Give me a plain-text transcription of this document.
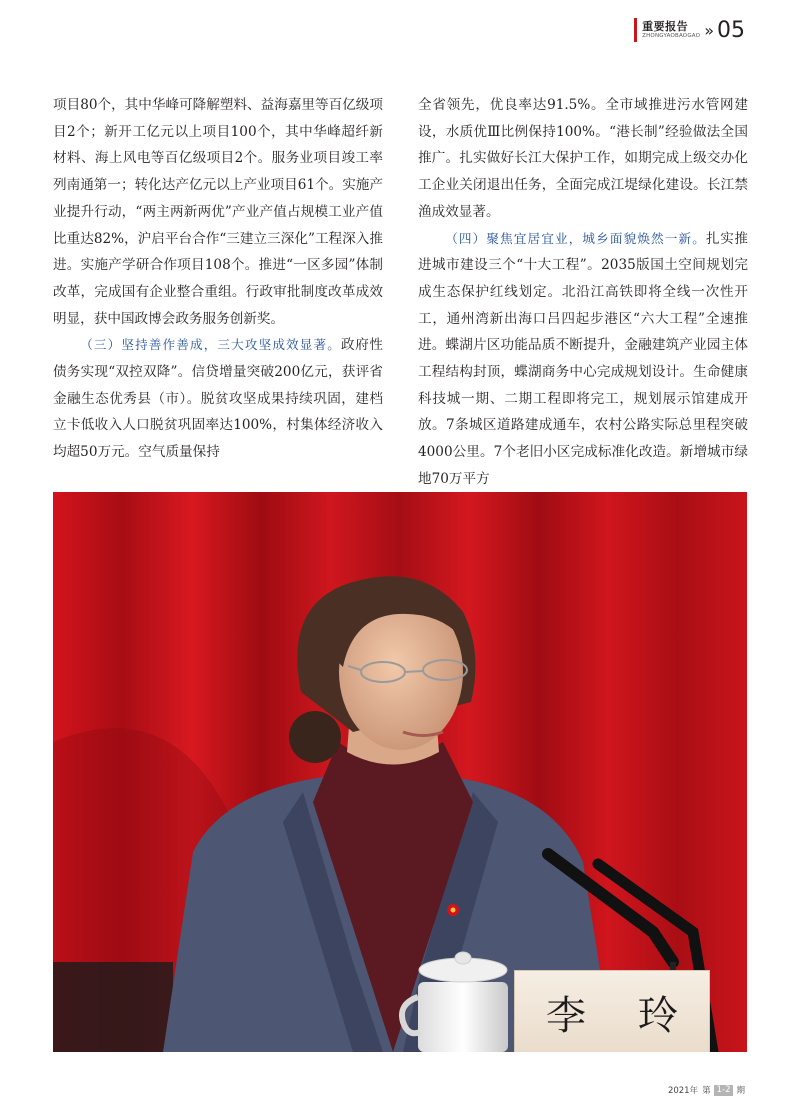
重要报告
ZHONGYAOBAOGAO » 05

项目80个，其中华峰可降解塑料、益海嘉里等百亿级项目2个；新开工亿元以上项目100个，其中华峰超纤新材料、海上风电等百亿级项目2个。服务业项目竣工率列南通第一；转化达产亿元以上产业项目61个。实施产业提升行动，“两主两新两优”产业产值占规模工业产值比重达82%，沪启平台合作“三建立三深化”工程深入推进。实施产学研合作项目108个。推进“一区多园”体制改革，完成国有企业整合重组。行政审批制度改革成效明显，获中国政博会政务服务创新奖。

（三）坚持善作善成，三大攻坚成效显著。政府性债务实现“双控双降”。信贷增量突破200亿元，获评省金融生态优秀县（市）。脱贫攻坚成果持续巩固，建档立卡低收入人口脱贫巩固率达100%，村集体经济收入均超50万元。空气质量保持

全省领先，优良率达91.5%。全市域推进污水管网建设，水质优Ⅲ比例保持100%。“港长制”经验做法全国推广。扎实做好长江大保护工作，如期完成上级交办化工企业关闭退出任务，全面完成江堤绿化建设。长江禁渔成效显著。

（四）聚焦宜居宜业，城乡面貌焕然一新。扎实推进城市建设三个“十大工程”。2035版国土空间规划完成生态保护红线划定。北沿江高铁即将全线一次性开工，通州湾新出海口吕四起步港区“六大工程”全速推进。蝶湖片区功能品质不断提升，金融建筑产业园主体工程结构封顶，蝶湖商务中心完成规划设计。生命健康科技城一期、二期工程即将完工，规划展示馆建成开放。7条城区道路建成通车，农村公路实际总里程突破4000公里。7个老旧小区完成标准化改造。新增城市绿地70万平方

李玲
2021年 第 1-2 期
